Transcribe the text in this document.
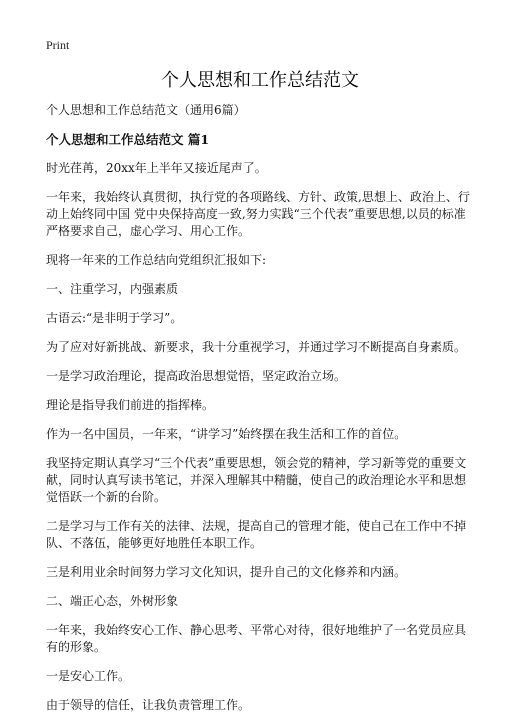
Print
个人思想和工作总结范文

个人思想和工作总结范文（通用6篇）

个人思想和工作总结范文 篇1

时光荏苒，20xx年上半年又接近尾声了。

一年来，我始终认真贯彻，执行党的各项路线、方针、政策,思想上、政治上、行动上始终同中国 党中央保持高度一致,努力实践“三个代表”重要思想,以员的标准严格要求自己，虚心学习、用心工作。

现将一年来的工作总结向党组织汇报如下:

一、注重学习，内强素质

古语云:“是非明于学习”。

为了应对好新挑战、新要求，我十分重视学习，并通过学习不断提高自身素质。

一是学习政治理论，提高政治思想觉悟，坚定政治立场。

理论是指导我们前进的指挥棒。

作为一名中国员，一年来，“讲学习”始终摆在我生活和工作的首位。

我坚持定期认真学习“三个代表”重要思想，领会党的精神，学习新等党的重要文献，同时认真写读书笔记，并深入理解其中精髓，使自己的政治理论水平和思想觉悟跃一个新的台阶。

二是学习与工作有关的法律、法规，提高自己的管理才能，使自己在工作中不掉队、不落伍，能够更好地胜任本职工作。

三是利用业余时间努力学习文化知识，提升自己的文化修养和内涵。

二、端正心态，外树形象

一年来，我始终安心工作、静心思考、平常心对待，很好地维护了一名党员应具有的形象。

一是安心工作。

由于领导的信任，让我负责管理工作。
